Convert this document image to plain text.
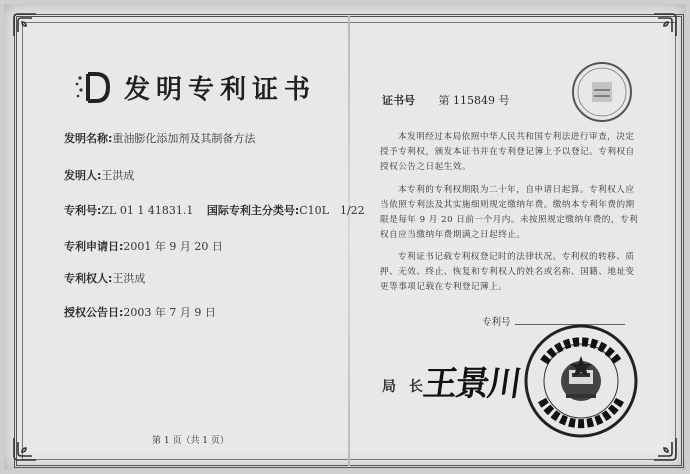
发明专利证书
发明名称:重油膨化添加剂及其制备方法
发明人:王洪成
专利号:ZL 01 1 41831.1 国际专利主分类号:C10L　1/22
专利申请日:2001 年 9 月 20 日
专利权人:王洪成
授权公告日:2003 年 7 月 9 日
第 1 页（共 1 页）
证书号 第 115849 号
本发明经过本局依照中华人民共和国专利法进行审查，决定授予专利权，颁发本证书并在专利登记簿上予以登记。专利权自授权公告之日起生效。
本专利的专利权期限为二十年，自申请日起算。专利权人应当依照专利法及其实施细则规定缴纳年费。缴纳本专利年费的期限是每年 9 月 20 日前一个月内。未按照规定缴纳年费的，专利权自应当缴纳年费期满之日起终止。
专利证书记载专利权登记时的法律状况。专利权的转移、质押、无效、终止、恢复和专利权人的姓名或名称、国籍、地址变更等事项记载在专利登记簿上。
专利号
局 长
王景川
